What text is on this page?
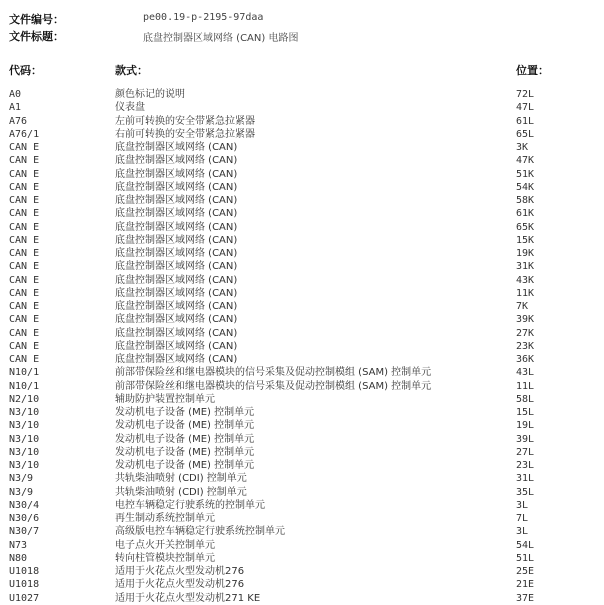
文件编号：	pe00.19-p-2195-97daa
文件标题：	底盘控制器区域网络 (CAN) 电路图
代码：	款式：	位置：
A0	颜色标记的说明	72L
A1	仪表盘	47L
A76	左前可转换的安全带紧急拉紧器	61L
A76/1	右前可转换的安全带紧急拉紧器	65L
CAN E	底盘控制器区域网络 (CAN)	3K
CAN E	底盘控制器区域网络 (CAN)	47K
CAN E	底盘控制器区域网络 (CAN)	51K
CAN E	底盘控制器区域网络 (CAN)	54K
CAN E	底盘控制器区域网络 (CAN)	58K
CAN E	底盘控制器区域网络 (CAN)	61K
CAN E	底盘控制器区域网络 (CAN)	65K
CAN E	底盘控制器区域网络 (CAN)	15K
CAN E	底盘控制器区域网络 (CAN)	19K
CAN E	底盘控制器区域网络 (CAN)	31K
CAN E	底盘控制器区域网络 (CAN)	43K
CAN E	底盘控制器区域网络 (CAN)	11K
CAN E	底盘控制器区域网络 (CAN)	7K
CAN E	底盘控制器区域网络 (CAN)	39K
CAN E	底盘控制器区域网络 (CAN)	27K
CAN E	底盘控制器区域网络 (CAN)	23K
CAN E	底盘控制器区域网络 (CAN)	36K
N10/1	前部带保险丝和继电器模块的信号采集及促动控制模组 (SAM) 控制单元	43L
N10/1	前部带保险丝和继电器模块的信号采集及促动控制模组 (SAM) 控制单元	11L
N2/10	辅助防护装置控制单元	58L
N3/10	发动机电子设备 (ME) 控制单元	15L
N3/10	发动机电子设备 (ME) 控制单元	19L
N3/10	发动机电子设备 (ME) 控制单元	39L
N3/10	发动机电子设备 (ME) 控制单元	27L
N3/10	发动机电子设备 (ME) 控制单元	23L
N3/9	共轨柴油喷射 (CDI) 控制单元	31L
N3/9	共轨柴油喷射 (CDI) 控制单元	35L
N30/4	电控车辆稳定行驶系统的控制单元	3L
N30/6	再生制动系统控制单元	7L
N30/7	高级版电控车辆稳定行驶系统控制单元	3L
N73	电子点火开关控制单元	54L
N80	转向柱管模块控制单元	51L
U1018	适用于火花点火型发动机276	25E
U1018	适用于火花点火型发动机276	21E
U1027	适用于火花点火型发动机271 KE	37E
